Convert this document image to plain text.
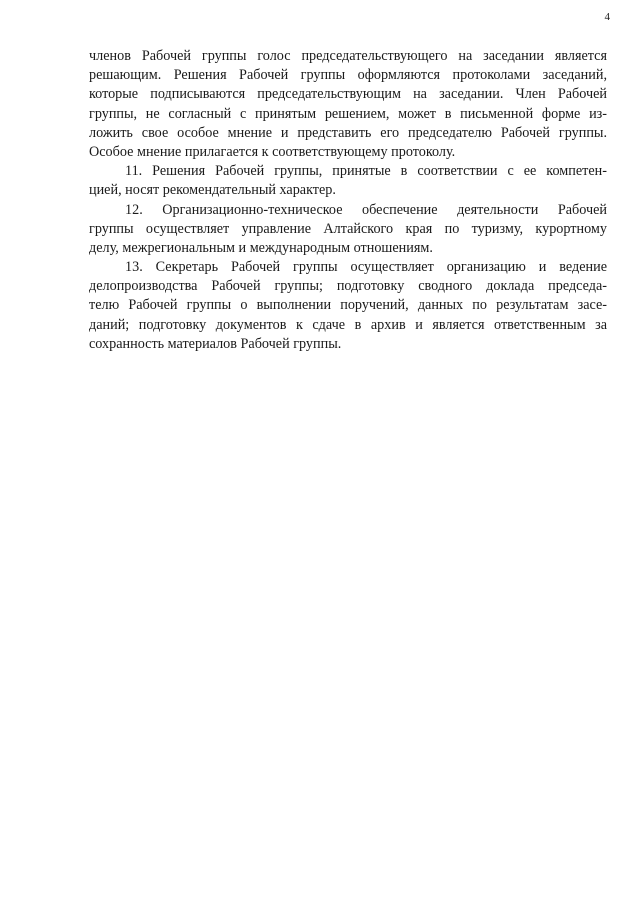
4
членов Рабочей группы голос председательствующего на заседании является
решающим. Решения Рабочей группы оформляются протоколами заседаний,
которые подписываются председательствующим на заседании. Член Рабочей
группы, не согласный с принятым решением, может в письменной форме из-
ложить свое особое мнение и представить его председателю Рабочей группы.
Особое мнение прилагается к соответствующему протоколу.
11. Решения Рабочей группы, принятые в соответствии с ее компетен-
цией, носят рекомендательный характер.
12. Организационно-техническое обеспечение деятельности Рабочей
группы осуществляет управление Алтайского края по туризму, курортному
делу, межрегиональным и международным отношениям.
13. Секретарь Рабочей группы осуществляет организацию и ведение
делопроизводства Рабочей группы; подготовку сводного доклада председа-
телю Рабочей группы о выполнении поручений, данных по результатам засе-
даний; подготовку документов к сдаче в архив и является ответственным за
сохранность материалов Рабочей группы.
